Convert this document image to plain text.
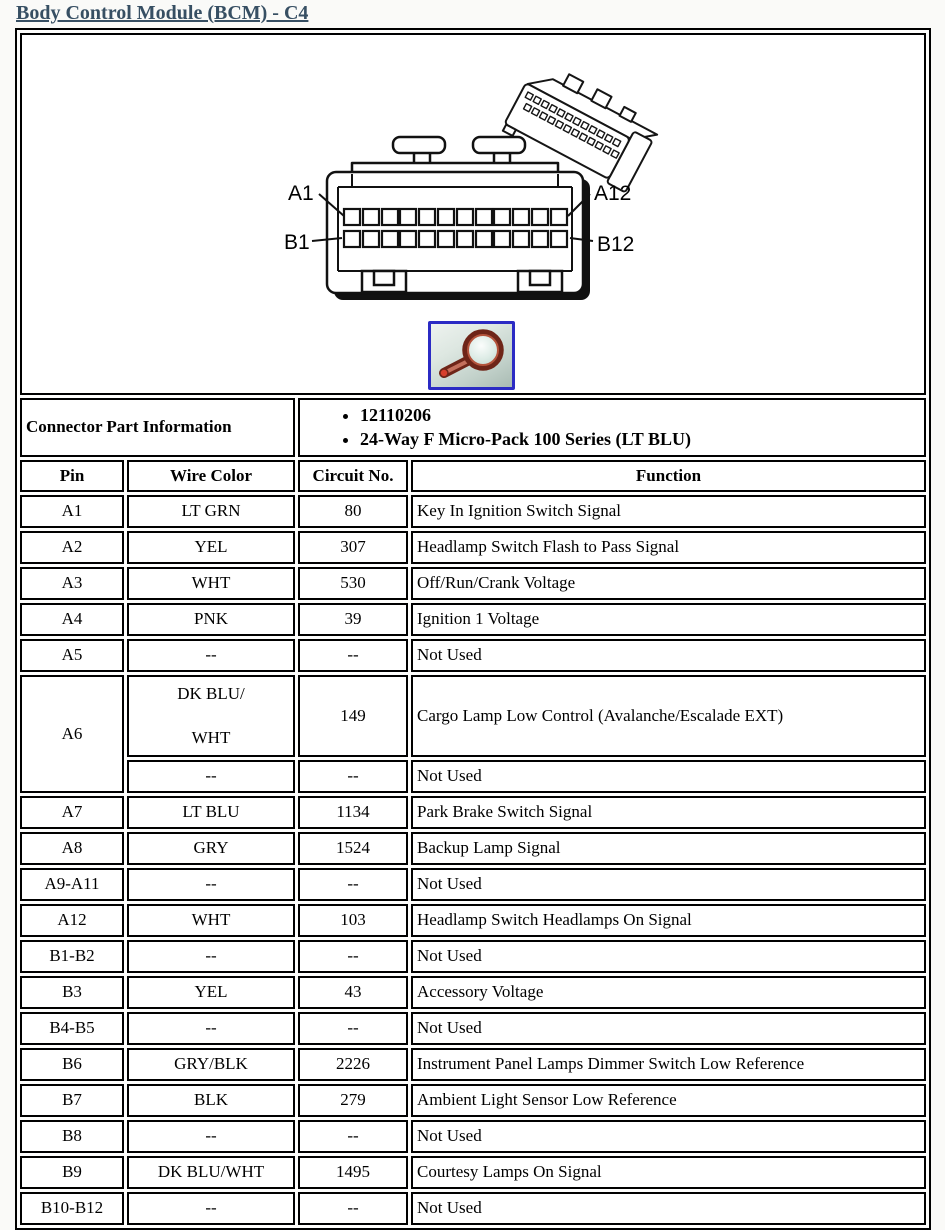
Body Control Module (BCM) - C4
A1
B1
A12
B12			

Connector Part Information	
• 12110206
• 24-Way F Micro-Pack 100 Series (LT BLU)

Pin	Wire Color	Circuit No.	Function
A1	LT GRN	80	Key In Ignition Switch Signal
A2	YEL	307	Headlamp Switch Flash to Pass Signal
A3	WHT	530	Off/Run/Crank Voltage
A4	PNK	39	Ignition 1 Voltage
A5	--	--	Not Used
A6	DK BLU/
WHT	149	Cargo Lamp Low Control (Avalanche/Escalade EXT)
	--	--	Not Used
A7	LT BLU	1134	Park Brake Switch Signal
A8	GRY	1524	Backup Lamp Signal
A9-A11	--	--	Not Used
A12	WHT	103	Headlamp Switch Headlamps On Signal
B1-B2	--	--	Not Used
B3	YEL	43	Accessory Voltage
B4-B5	--	--	Not Used
B6	GRY/BLK	2226	Instrument Panel Lamps Dimmer Switch Low Reference
B7	BLK	279	Ambient Light Sensor Low Reference
B8	--	--	Not Used
B9	DK BLU/WHT	1495	Courtesy Lamps On Signal
B10-B12	--	--	Not Used
